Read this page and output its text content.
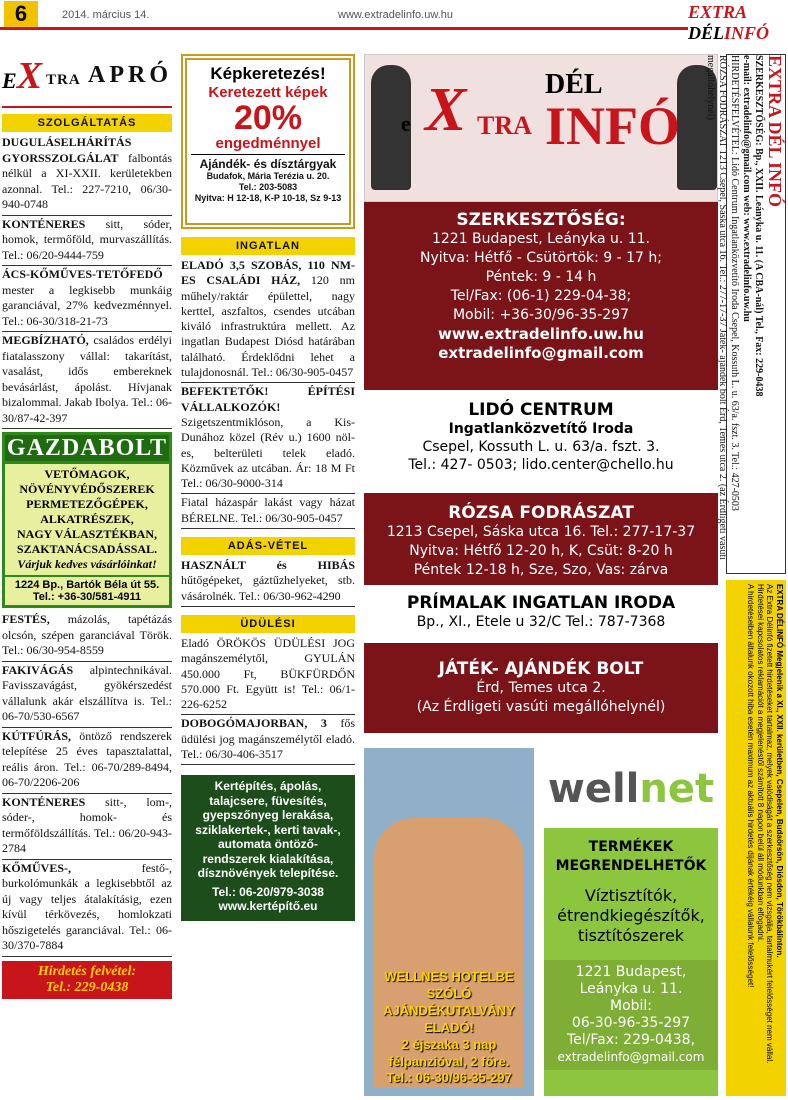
6	2014. március 14.	www.extradelinfo.uw.hu	EXTRA DÉLINFÓ
EX TRA APRÓ
SZOLGÁLTATÁS
DUGULÁSELHÁRÍTÁS GYORSSZOLGÁLAT falbontás nélkül a XI-XXII. kerületekben azonnal. Tel.: 227-7210, 06/30-940-0748
KONTÉNERES sitt, sóder, homok, termőföld, murvaszállítás. Tel.: 06/20-9444-759
ÁCS-KŐMŰVES-TETŐFEDŐ mester a legkisebb munkáig garanciával, 27% kedvezménnyel. Tel.: 06-30/318-21-73
MEGBÍZHATÓ, családos erdélyi fiatalasszony vállal: takarítást, vasalást, idős embereknek bevásárlást, ápolást. Hívjanak bizalommal. Jakab Ibolya. Tel.: 06-30/87-42-397
GAZDABOLT
VETŐMAGOK,
NÖVÉNYVÉDŐSZEREK
PERMETEZŐGÉPEK,
ALKATRÉSZEK,
NAGY VÁLASZTÉKBAN,
SZAKTANÁCSADÁSSAL.
Várjuk kedves vásárlóinkat!
1224 Bp., Bartók Béla út 55.
Tel.: +36-30/581-4911
FESTÉS, mázolás, tapétázás olcsón, szépen garanciával Török. Tel.: 06/30-954-8559
FAKIVÁGÁS alpintechnikával. Favisszavágást, gyökérszedést vállalunk akár elszállítva is. Tel.: 06-70/530-6567
KÚTFÚRÁS, öntöző rendszerek telepítése 25 éves tapasztalattal, reális áron. Tel.: 06-70/289-8494, 06-70/2206-206
KONTÉNERES sitt-, lom-, sóder-, homok- és termőföldszállítás. Tel.: 06/20-943-2784
KŐMŰVES-, festő-, burkolómunkák a legkisebbtől az új vagy teljes átalakításig, ezen kívül térkövezés, homlokzati hőszigetelés garanciával. Tel.: 06-30/370-7884
Hirdetés felvétel:
Tel.: 229-0438
Képkeretezés!
Keretezett képek
20%
engedménnyel
Ajándék- és dísztárgyak
Budafok, Mária Terézia u. 20.
Tel.: 203-5083
Nyitva: H 12-18, K-P 10-18, Sz 9-13
INGATLAN
ELADÓ 3,5 SZOBÁS, 110 NM-ES CSALÁDI HÁZ, 120 nm műhely/raktár épülettel, nagy kerttel, aszfaltos, csendes utcában kiváló infrastruktúra mellett. Az ingatlan Budapest Diósd határában található. Érdeklődni lehet a tulajdonosnál. Tel.: 06/30-905-0457
BEFEKTETŐK! ÉPÍTÉSI VÁLLALKOZÓK! Szigetszentmiklóson, a Kis-Dunához közel (Rév u.) 1600 nöl-es, belterületi telek eladó. Közművek az utcában. Ár: 18 M Ft Tel.: 06/30-9000-314
Fiatal házaspár lakást vagy házat BÉRELNE. Tel.: 06/30-905-0457
ADÁS-VÉTEL
HASZNÁLT és HIBÁS hűtőgépeket, gáztűzhelyeket, stb. vásárolnék. Tel.: 06/30-962-4290
ÜDÜLÉSI
Eladó ÖRÖKÖS ÜDÜLÉSI JOG magánszemélytől, GYULÁN 450.000 Ft, BÜKFÜRDŐN 570.000 Ft. Együtt is! Tel.: 06/1-226-6252
DOBOGÓMAJORBAN, 3 fős üdülési jog magánszemélytől eladó. Tel.: 06/30-406-3517
Kertépítés, ápolás,
talajcsere, füvesítés,
gyepszőnyeg lerakása,
sziklakertek-, kerti tavak-,
automata öntöző-
rendszerek kialakítása,
dísznövények telepítése.
Tel.: 06-20/979-3038
www.kertépítő.eu
e X TRA
DÉL
INFÓ
SZERKESZTŐSÉG:
1221 Budapest, Leányka u. 11.
Nyitva: Hétfő - Csütörtök: 9 - 17 h;
Péntek: 9 - 14 h
Tel/Fax: (06-1) 229-04-38;
Mobil: +36-30/96-35-297
www.extradelinfo.uw.hu
extradelinfo@gmail.com
LIDÓ CENTRUM
Ingatlanközvetítő Iroda
Csepel, Kossuth L. u. 63/a. fszt. 3.
Tel.: 427- 0503; lido.center@chello.hu
RÓZSA FODRÁSZAT
1213 Csepel, Sáska utca 16. Tel.: 277-17-37
Nyitva: Hétfő 12-20 h, K, Csüt: 8-20 h
Péntek 12-18 h, Sze, Szo, Vas: zárva
PRÍMALAK INGATLAN IRODA
Bp., XI., Etele u 32/C Tel.: 787-7368
JÁTÉK- AJÁNDÉK BOLT
Érd, Temes utca 2.
(Az Érdligeti vasúti megállóhelynél)
WELLNES HOTELBE SZÓLÓ
AJÁNDÉKUTALVÁNY ELADÓ!
2 éjszaka 3 nap
félpanzióval, 2 főre.
Tel.: 06-30/96-35-297
wellnet
TERMÉKEK
MEGRENDELHETŐK
Víztisztítók,
étrendkiegészítők,
tisztítószerek
1221 Budapest,
Leányka u. 11.
Mobil:
06-30-96-35-297
Tel/Fax: 229-0438,
extradelinfo@gmail.com
EXTRA DÉL INFÓ
SZERKESZTŐSÉG: Bp., XXII. Leányka u. 11. (A CBA-nál) Tel., Fax: 229-0438
e-mail: extradelinfo@gmail.com web: www.extradelinfo.uw.hu
HIRDETÉSFELVÉTEL: Lidó Centrum Ingatlanközvetítő Iroda Csepel, Kossuth L. u. 63/a. fszt. 3. Tel.: 427-0503
RÓZSA FODRÁSZAT 1213 Csepel, Sáska utca 16. Tel.: 277-17-37 Játék- ajándék bolt Érd, Temes utca 2. (az Érdligeti vasúti megállóhelynél)
EXTRA DÉLINFÓ Megjelenik a XI., XXII. kerületben, Csepelen, Budaörsön, Diósdon, Törökbálinton.
Az Extra Délinfó fizetett hirdetéseket tartalmaz, melyek valódiságát a szerkesztőség nem vizsgálja, tartalmukért felelősséget nem vállal.
Hirdetései kapcsolatos reklamációt a megjelenéstől számított 8 napon belül áll módunkban elfogadni.
A hirdetéseiben általunk okozott hiba esetén maximum az aktuális hirdetés díjának értékéig vállalunk felelősséget!
